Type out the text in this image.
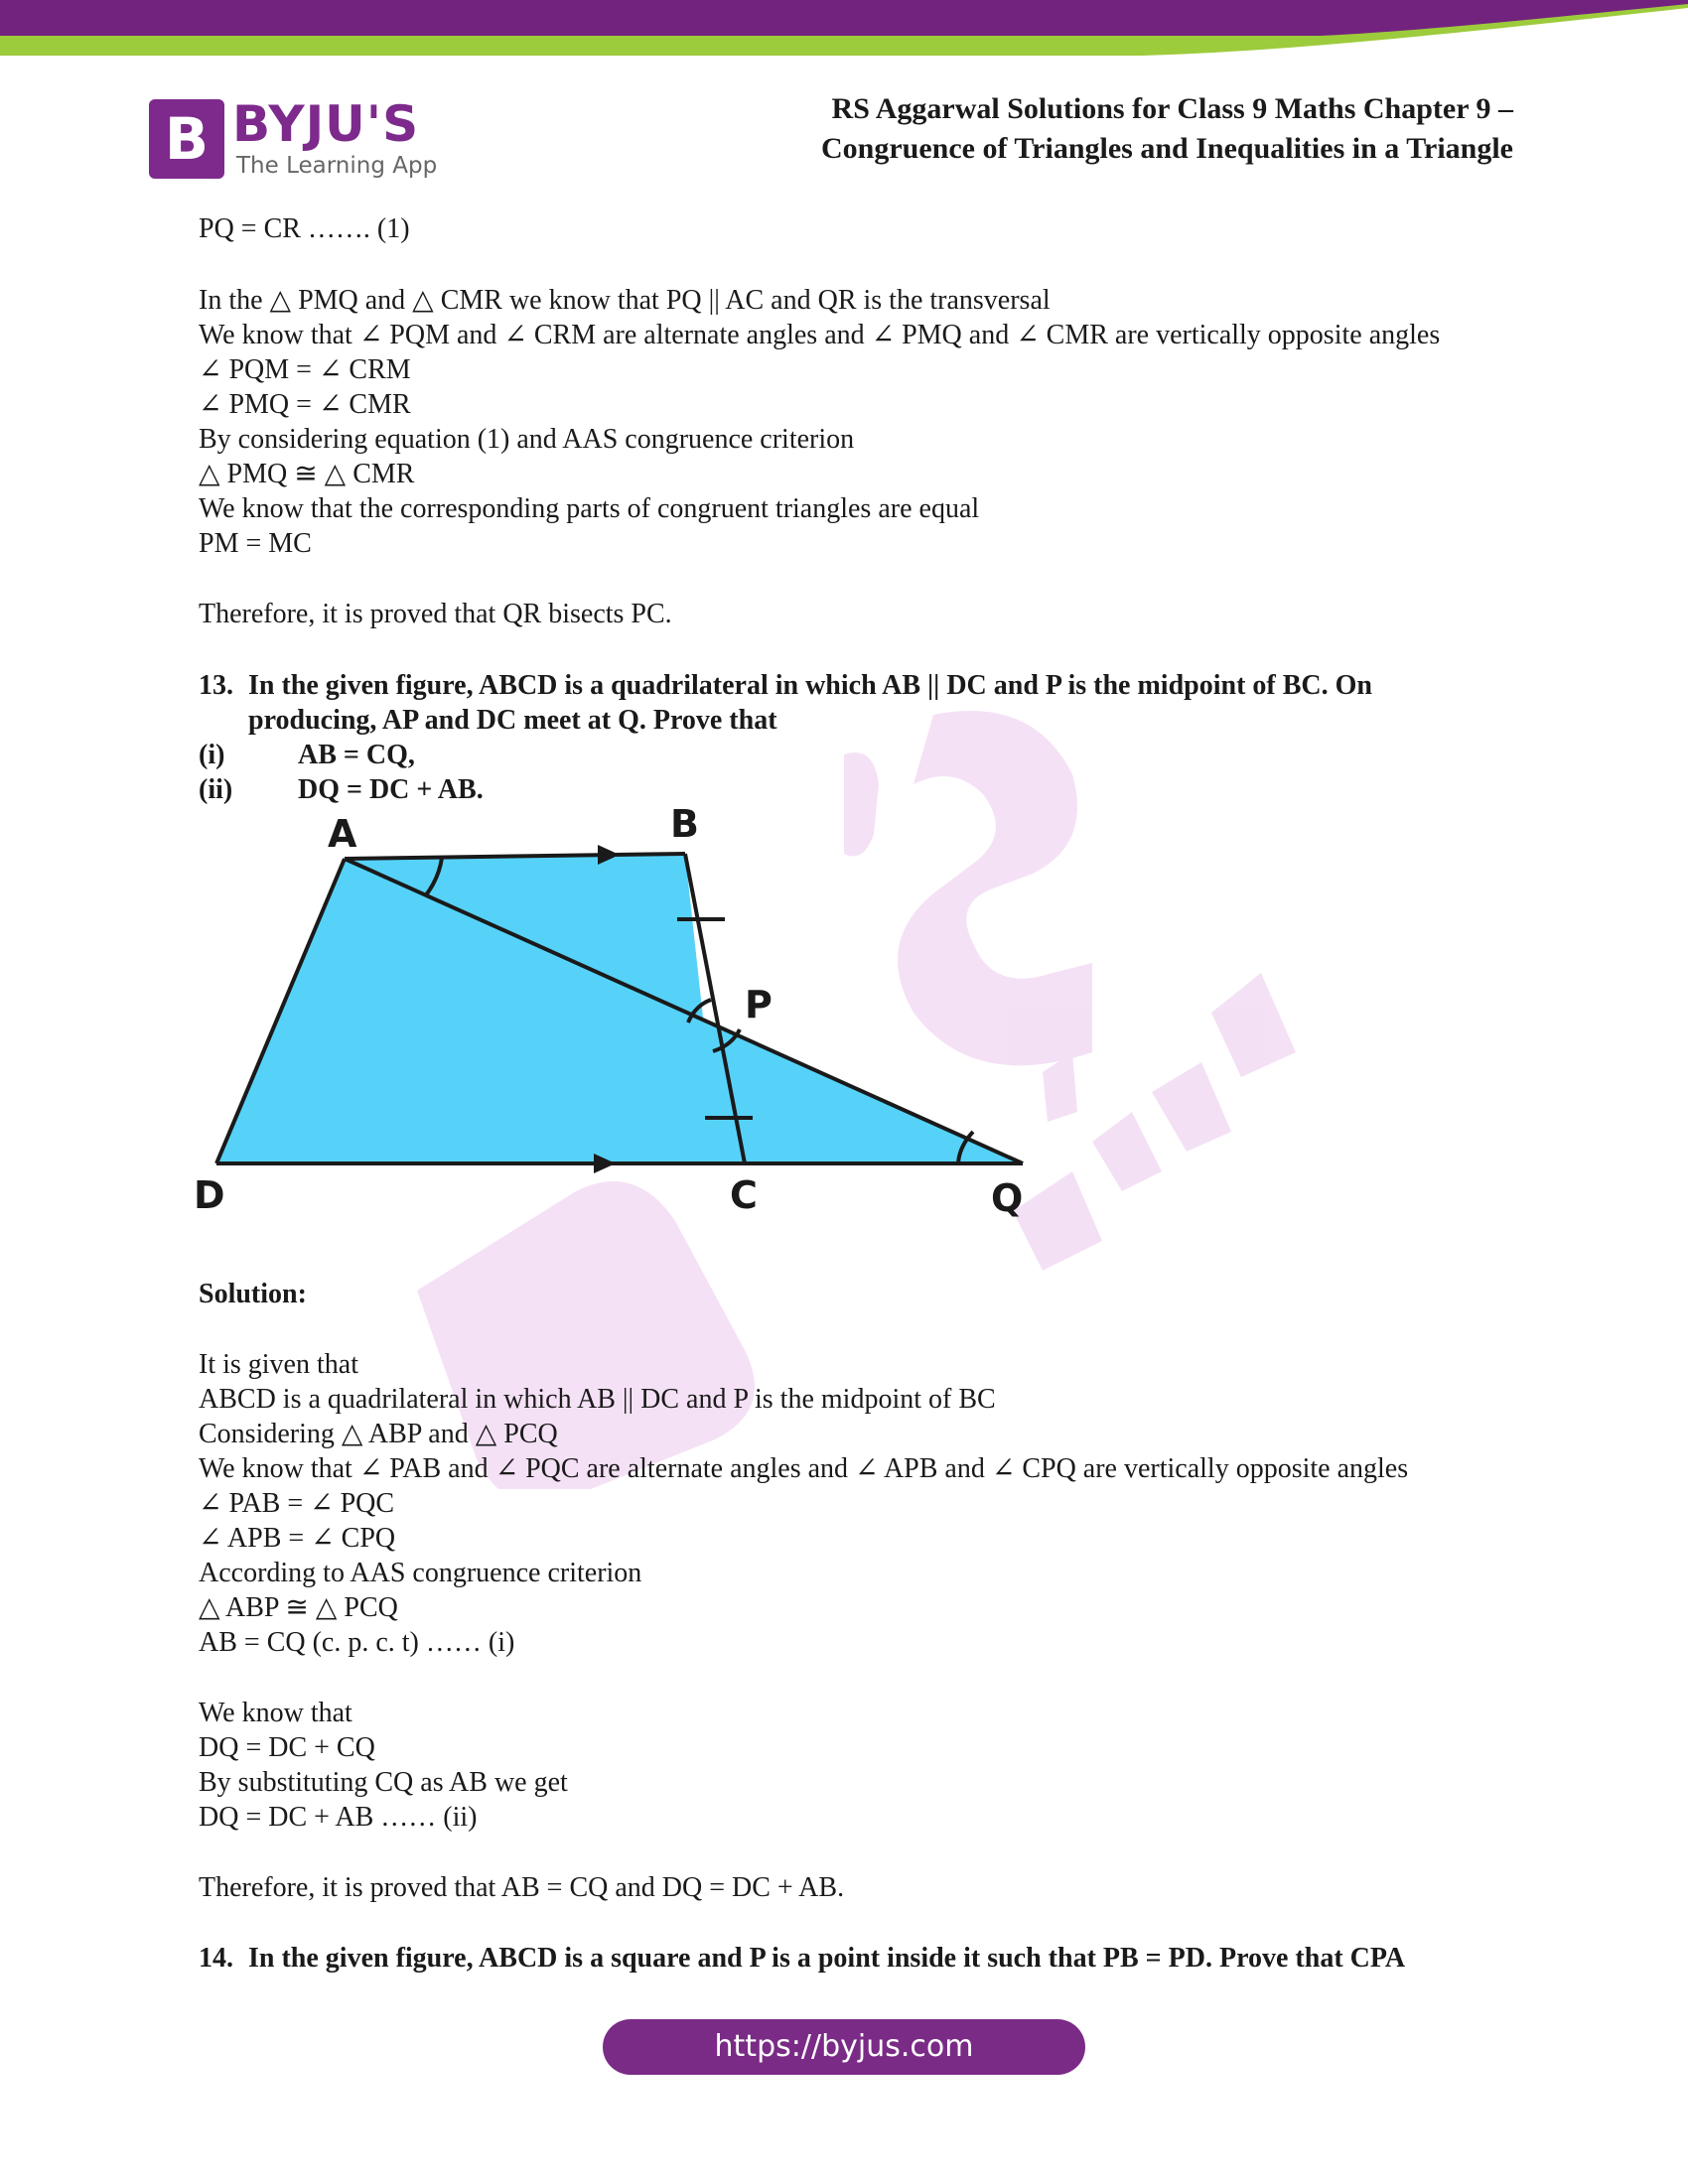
B BYJU'S
The Learning App
RS Aggarwal Solutions for Class 9 Maths Chapter 9 –
Congruence of Triangles and Inequalities in a Triangle
PQ = CR ……. (1)
In the △ PMQ and △ CMR we know that PQ || AC and QR is the transversal
We know that ∠ PQM and ∠ CRM are alternate angles and ∠ PMQ and ∠ CMR are vertically opposite angles
∠ PQM = ∠ CRM
∠ PMQ = ∠ CMR
By considering equation (1) and AAS congruence criterion
△ PMQ ≅ △ CMR
We know that the corresponding parts of congruent triangles are equal
PM = MC
Therefore, it is proved that QR bisects PC.
13. In the given figure, ABCD is a quadrilateral in which AB || DC and P is the midpoint of BC. On
producing, AP and DC meet at Q. Prove that
(i)	AB = CQ,
(ii) DQ = DC + AB.
A	B
P
D	C	Q
Solution:
It is given that
ABCD is a quadrilateral in which AB || DC and P is the midpoint of BC
Considering △ ABP and △ PCQ
We know that ∠ PAB and ∠ PQC are alternate angles and ∠ APB and ∠ CPQ are vertically opposite angles
∠ PAB = ∠ PQC
∠ APB = ∠ CPQ
According to AAS congruence criterion
△ ABP ≅ △ PCQ
AB = CQ (c. p. c. t) …… (i)
We know that
DQ = DC + CQ
By substituting CQ as AB we get
DQ = DC + AB …… (ii)
Therefore, it is proved that AB = CQ and DQ = DC + AB.
14. In the given figure, ABCD is a square and P is a point inside it such that PB = PD. Prove that CPA
https://byjus.com
